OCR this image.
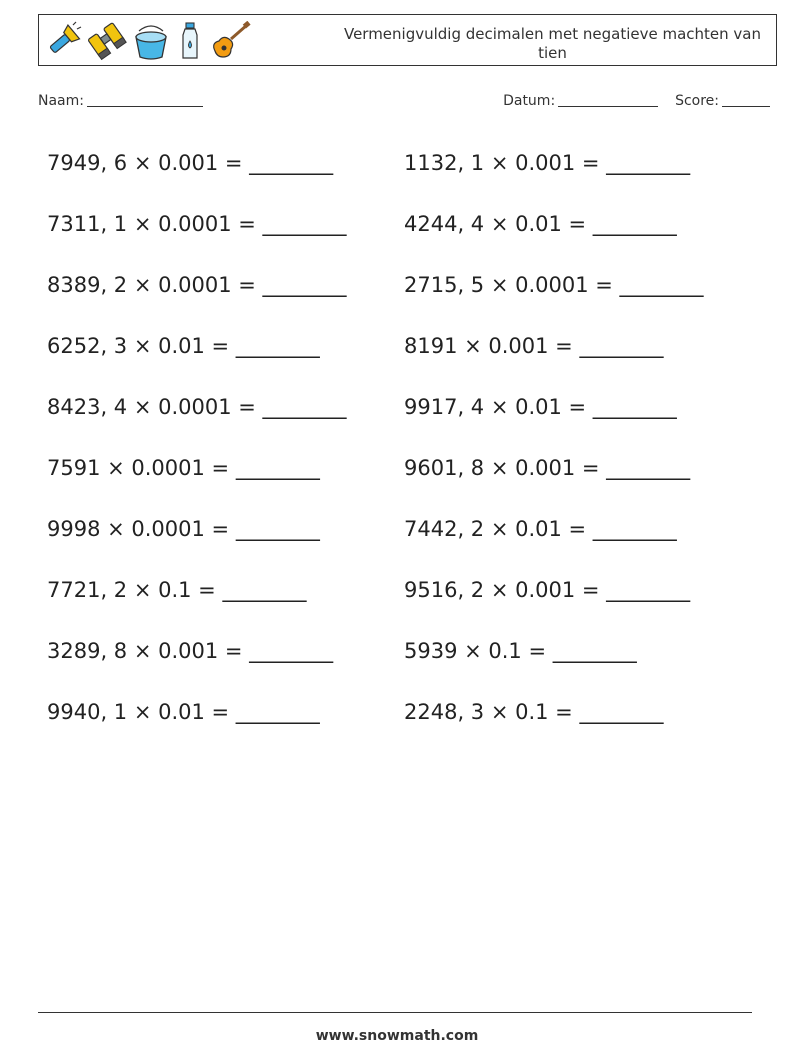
Vermenigvuldig decimalen met negatieve machten van tien
Naam:	Datum:	Score:
7949, 6 × 0.001 = ________	1132, 1 × 0.001 = ________
7311, 1 × 0.0001 = ________	4244, 4 × 0.01 = ________
8389, 2 × 0.0001 = ________	2715, 5 × 0.0001 = ________
6252, 3 × 0.01 = ________	8191 × 0.001 = ________
8423, 4 × 0.0001 = ________	9917, 4 × 0.01 = ________
7591 × 0.0001 = ________	9601, 8 × 0.001 = ________
9998 × 0.0001 = ________	7442, 2 × 0.01 = ________
7721, 2 × 0.1 = ________	9516, 2 × 0.001 = ________
3289, 8 × 0.001 = ________	5939 × 0.1 = ________
9940, 1 × 0.01 = ________	2248, 3 × 0.1 = ________
www.snowmath.com
